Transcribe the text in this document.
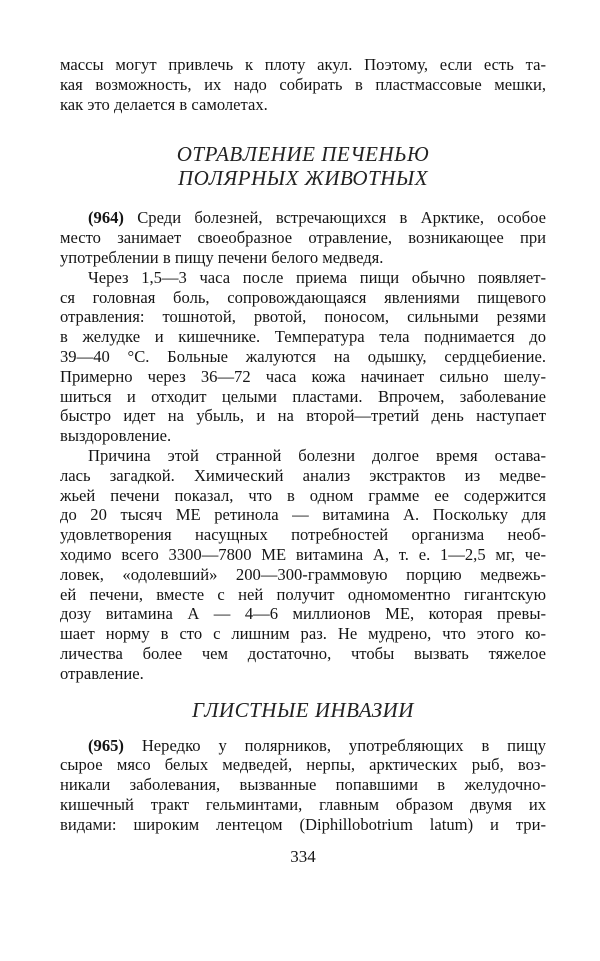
массы могут привлечь к плоту акул. Поэтому, если есть та-
кая возможность, их надо собирать в пластмассовые мешки,
как это делается в самолетах.
ОТРАВЛЕНИЕ ПЕЧЕНЬЮ
ПОЛЯРНЫХ ЖИВОТНЫХ
(964) Среди болезней, встречающихся в Арктике, особое
место занимает своеобразное отравление, возникающее при
употреблении в пищу печени белого медведя.
Через 1,5—3 часа после приема пищи обычно появляет-
ся головная боль, сопровождающаяся явлениями пищевого
отравления: тошнотой, рвотой, поносом, сильными резями
в желудке и кишечнике. Температура тела поднимается до
39—40 °С. Больные жалуются на одышку, сердцебиение.
Примерно через 36—72 часа кожа начинает сильно шелу-
шиться и отходит целыми пластами. Впрочем, заболевание
быстро идет на убыль, и на второй—третий день наступает
выздоровление.
Причина этой странной болезни долгое время остава-
лась загадкой. Химический анализ экстрактов из медве-
жьей печени показал, что в одном грамме ее содержится
до 20 тысяч МЕ ретинола — витамина А. Поскольку для
удовлетворения насущных потребностей организма необ-
ходимо всего 3300—7800 МЕ витамина А, т. е. 1—2,5 мг, че-
ловек, «одолевший» 200—300-граммовую порцию медвежь-
ей печени, вместе с ней получит одномоментно гигантскую
дозу витамина А — 4—6 миллионов МЕ, которая превы-
шает норму в сто с лишним раз. Не мудрено, что этого ко-
личества более чем достаточно, чтобы вызвать тяжелое
отравление.
ГЛИСТНЫЕ ИНВАЗИИ
(965) Нередко у полярников, употребляющих в пищу
сырое мясо белых медведей, нерпы, арктических рыб, воз-
никали заболевания, вызванные попавшими в желудочно-
кишечный тракт гельминтами, главным образом двумя их
видами: широким лентецом (Diphillobotrium latum) и три-
334
